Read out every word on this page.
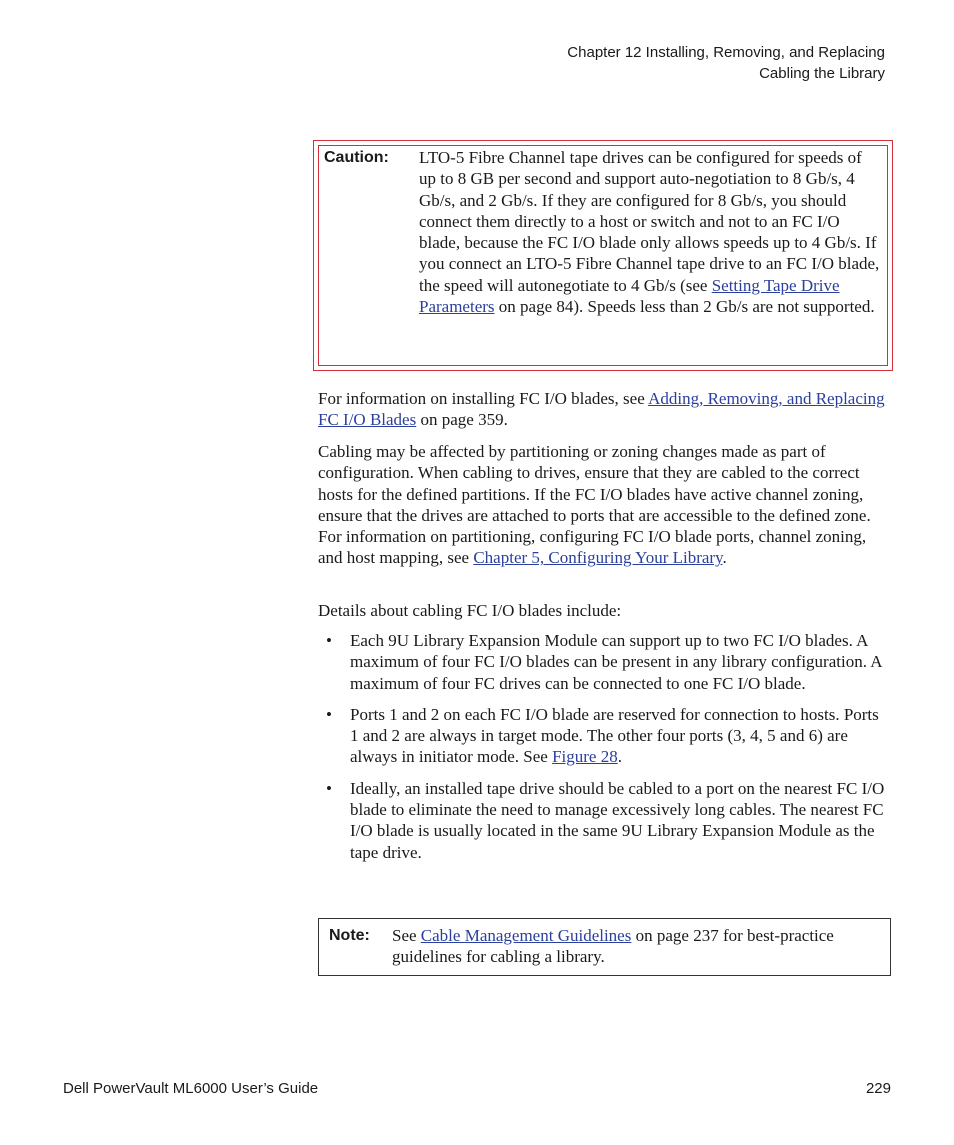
Chapter 12 Installing, Removing, and Replacing
Cabling the Library
Caution: LTO-5 Fibre Channel tape drives can be configured for speeds of up to 8 GB per second and support auto-negotiation to 8 Gb/s, 4 Gb/s, and 2 Gb/s. If they are configured for 8 Gb/s, you should connect them directly to a host or switch and not to an FC I/O blade, because the FC I/O blade only allows speeds up to 4 Gb/s. If you connect an LTO-5 Fibre Channel tape drive to an FC I/O blade, the speed will autonegotiate to 4 Gb/s (see Setting Tape Drive Parameters on page 84). Speeds less than 2 Gb/s are not supported.

For information on installing FC I/O blades, see Adding, Removing, and Replacing FC I/O Blades on page 359.

Cabling may be affected by partitioning or zoning changes made as part of configuration. When cabling to drives, ensure that they are cabled to the correct hosts for the defined partitions. If the FC I/O blades have active channel zoning, ensure that the drives are attached to ports that are accessible to the defined zone. For information on partitioning, configuring FC I/O blade ports, channel zoning, and host mapping, see Chapter 5, Configuring Your Library.

Details about cabling FC I/O blades include:

• Each 9U Library Expansion Module can support up to two FC I/O blades. A maximum of four FC I/O blades can be present in any library configuration. A maximum of four FC drives can be connected to one FC I/O blade.
• Ports 1 and 2 on each FC I/O blade are reserved for connection to hosts. Ports 1 and 2 are always in target mode. The other four ports (3, 4, 5 and 6) are always in initiator mode. See Figure 28.
• Ideally, an installed tape drive should be cabled to a port on the nearest FC I/O blade to eliminate the need to manage excessively long cables. The nearest FC I/O blade is usually located in the same 9U Library Expansion Module as the tape drive.
Note: See Cable Management Guidelines on page 237 for best-practice guidelines for cabling a library.
Dell PowerVault ML6000 User’s Guide	229
